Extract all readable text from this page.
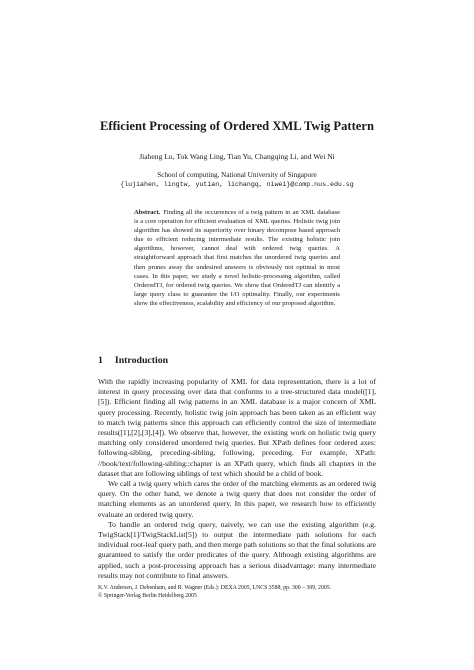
Efficient Processing of Ordered XML Twig Pattern
Jiaheng Lu, Tok Wang Ling, Tian Yu, Changqing Li, and Wei Ni
School of computing, National University of Singapore
{lujiahen, lingtw, yutian, lichangq, niwei}@comp.nus.edu.sg
Abstract. Finding all the occurrences of a twig pattern in an XML database is a core operation for efficient evaluation of XML queries. Holistic twig join algorithm has showed its superiority over binary decompose based approach due to efficient reducing intermediate results. The existing holistic join algorithms, however, cannot deal with ordered twig queries. A straightforward approach that first matches the unordered twig queries and then prunes away the undesired answers is obviously not optimal in most cases. In this paper, we study a novel holistic-processing algorithm, called OrderedTJ, for ordered twig queries. We show that OrderedTJ can identify a large query class to guarantee the I/O optimality. Finally, our experiments show the effectiveness, scalability and efficiency of our proposed algorithm.
1 Introduction

With the rapidly increasing popularity of XML for data representation, there is a lot of interest in query processing over data that conforms to a tree-structured data model([1],[5]). Efficient finding all twig patterns in an XML database is a major concern of XML query processing. Recently, holistic twig join approach has been taken as an efficient way to match twig patterns since this approach can efficiently control the size of intermediate results([1],[2],[3],[4]). We observe that, however, the existing work on holistic twig query matching only considered unordered twig queries. But XPath defines four ordered axes: following-sibling, preceding-sibling, following, preceding. For example, XPath: //book/text/following-sibling::chapter is an XPath query, which finds all chapters in the dataset that are following siblings of text which should be a child of book.

We call a twig query which cares the order of the matching elements as an ordered twig query. On the other hand, we denote a twig query that does not consider the order of matching elements as an unordered query. In this paper, we research how to efficiently evaluate an ordered twig query.

To handle an ordered twig query, naively, we can use the existing algorithm (e.g. TwigStack[1]/TwigStackList[5]) to output the intermediate path solutions for each individual root-leaf query path, and then merge path solutions so that the final solutions are guaranteed to satisfy the order predicates of the query. Although existing algorithms are applied, such a post-processing approach has a serious disadvantage: many intermediate results may not contribute to final answers.

K.V. Andersen, J. Debenham, and R. Wagner (Eds.): DEXA 2005, LNCS 3588, pp. 300 – 309, 2005.
© Springer-Verlag Berlin Heidelberg 2005
